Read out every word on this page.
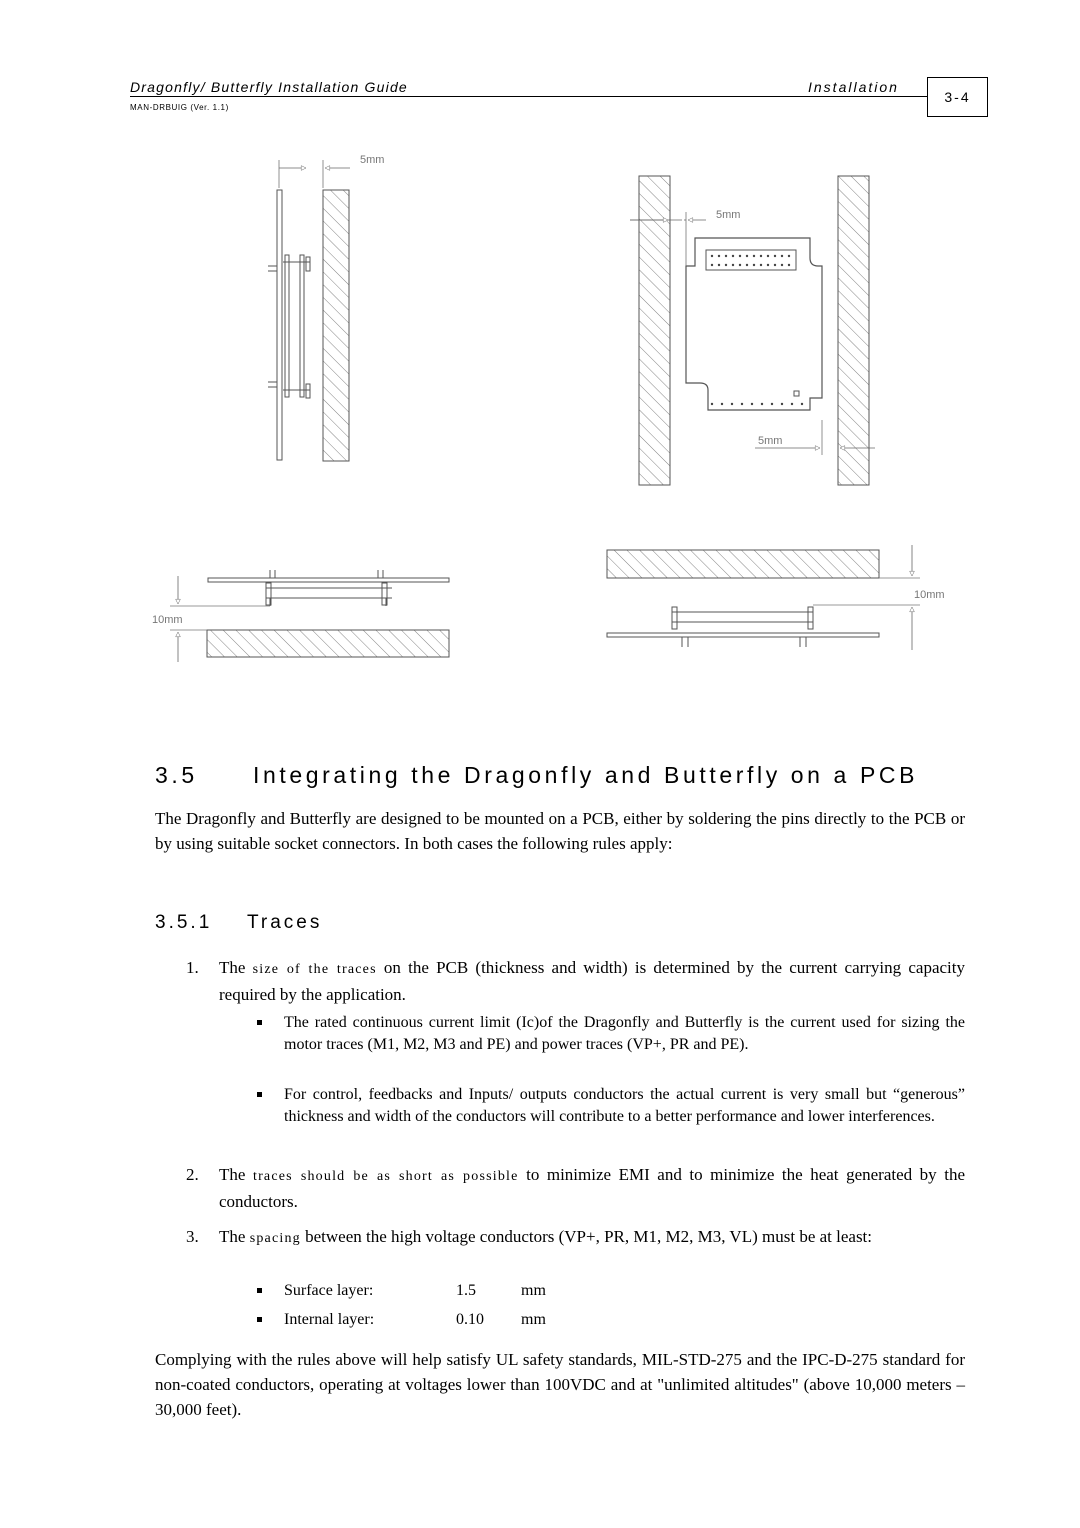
Dragonfly/ Butterfly Installation Guide	Installation
MAN-DRBUIG (Ver. 1.1)
3-4
5mm
5mm
5mm
10mm
10mm
3.5 Integrating the Dragonfly and Butterfly on a PCB

The Dragonfly and Butterfly are designed to be mounted on a PCB, either by soldering the pins directly to the PCB or by using suitable socket connectors. In both cases the following rules apply:

3.5.1 Traces
1. The size of the traces on the PCB (thickness and width) is determined by the current carrying capacity required by the application.
The rated continuous current limit (Ic)of the Dragonfly and Butterfly is the current used for sizing the motor traces (M1, M2, M3 and PE) and power traces (VP+, PR and PE).
For control, feedbacks and Inputs/ outputs conductors the actual current is very small but “generous” thickness and width of the conductors will contribute to a better performance and lower interferences.
2. The traces should be as short as possible to minimize EMI and to minimize the heat generated by the conductors.
3. The spacing between the high voltage conductors (VP+, PR, M1, M2, M3, VL) must be at least:
Surface layer:	1.5	mm
Internal layer:	0.10 mm

Complying with the rules above will help satisfy UL safety standards, MIL-STD-275 and the IPC-D-275 standard for non-coated conductors, operating at voltages lower than 100VDC and at "unlimited altitudes" (above 10,000 meters – 30,000 feet).
